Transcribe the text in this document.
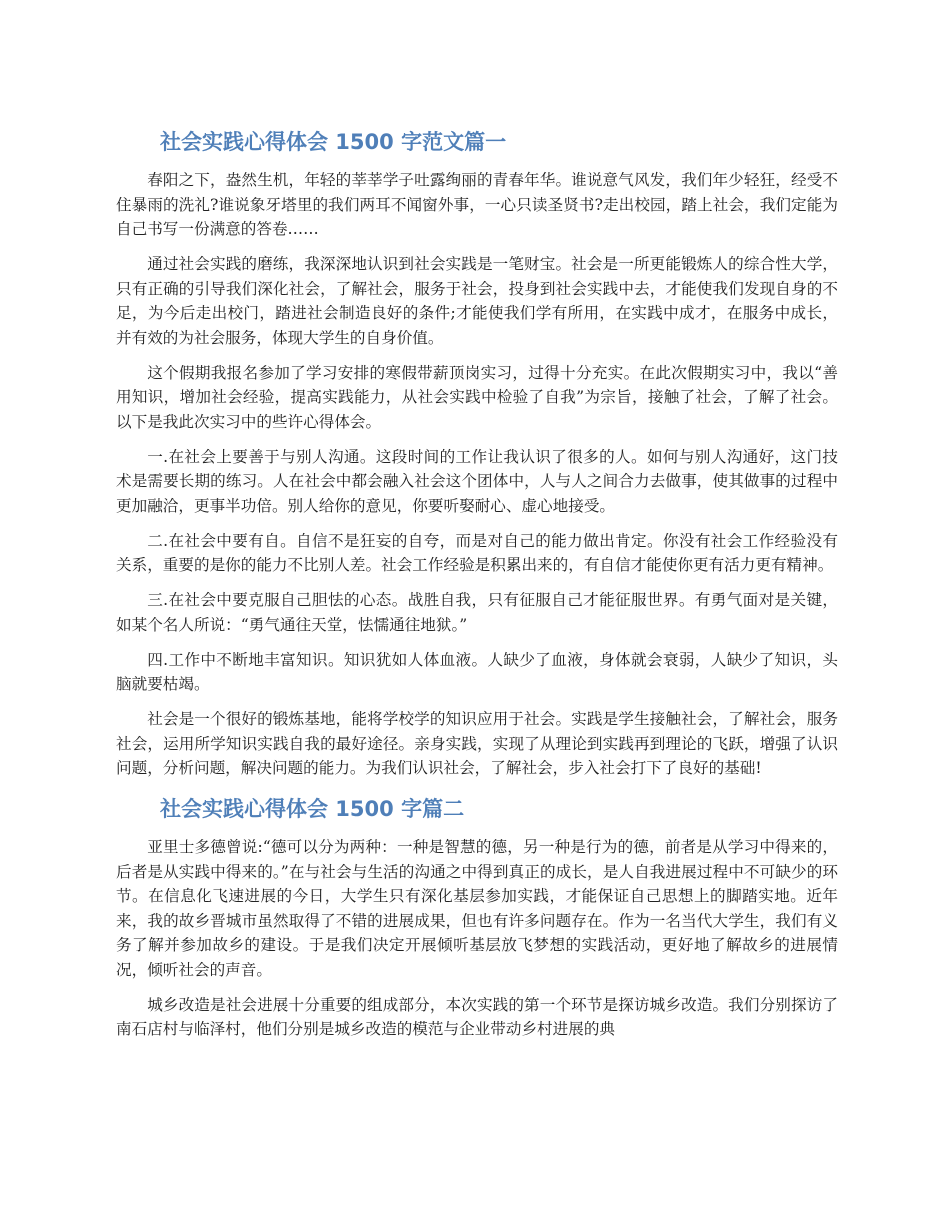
社会实践心得体会 1500 字范文篇一

春阳之下，盎然生机，年轻的莘莘学子吐露绚丽的青春年华。谁说意气风发，我们年少轻狂，经受不住暴雨的洗礼?谁说象牙塔里的我们两耳不闻窗外事，一心只读圣贤书?走出校园，踏上社会，我们定能为自己书写一份满意的答卷……

通过社会实践的磨练，我深深地认识到社会实践是一笔财宝。社会是一所更能锻炼人的综合性大学，只有正确的引导我们深化社会，了解社会，服务于社会，投身到社会实践中去，才能使我们发现自身的不足，为今后走出校门，踏进社会制造良好的条件;才能使我们学有所用，在实践中成才，在服务中成长，并有效的为社会服务，体现大学生的自身价值。

这个假期我报名参加了学习安排的寒假带薪顶岗实习，过得十分充实。在此次假期实习中，我以“善用知识，增加社会经验，提高实践能力，从社会实践中检验了自我”为宗旨，接触了社会，了解了社会。以下是我此次实习中的些许心得体会。

一.在社会上要善于与别人沟通。这段时间的工作让我认识了很多的人。如何与别人沟通好，这门技术是需要长期的练习。人在社会中都会融入社会这个团体中，人与人之间合力去做事，使其做事的过程中更加融洽，更事半功倍。别人给你的意见，你要听娶耐心、虚心地接受。

二.在社会中要有自。自信不是狂妄的自夸，而是对自己的能力做出肯定。你没有社会工作经验没有关系，重要的是你的能力不比别人差。社会工作经验是积累出来的，有自信才能使你更有活力更有精神。

三.在社会中要克服自己胆怯的心态。战胜自我，只有征服自己才能征服世界。有勇气面对是关键，如某个名人所说：“勇气通往天堂，怯懦通往地狱。”

四.工作中不断地丰富知识。知识犹如人体血液。人缺少了血液，身体就会衰弱，人缺少了知识，头脑就要枯竭。

社会是一个很好的锻炼基地，能将学校学的知识应用于社会。实践是学生接触社会，了解社会，服务社会，运用所学知识实践自我的最好途径。亲身实践，实现了从理论到实践再到理论的飞跃，增强了认识问题，分析问题，解决问题的能力。为我们认识社会，了解社会，步入社会打下了良好的基础!

社会实践心得体会 1500 字篇二

亚里士多德曾说:“德可以分为两种：一种是智慧的德，另一种是行为的德，前者是从学习中得来的，后者是从实践中得来的。”在与社会与生活的沟通之中得到真正的成长，是人自我进展过程中不可缺少的环节。在信息化飞速进展的今日，大学生只有深化基层参加实践，才能保证自己思想上的脚踏实地。近年来，我的故乡晋城市虽然取得了不错的进展成果，但也有许多问题存在。作为一名当代大学生，我们有义务了解并参加故乡的建设。于是我们决定开展倾听基层放飞梦想的实践活动，更好地了解故乡的进展情况，倾听社会的声音。

城乡改造是社会进展十分重要的组成部分，本次实践的第一个环节是探访城乡改造。我们分别探访了南石店村与临泽村，他们分别是城乡改造的模范与企业带动乡村进展的典
